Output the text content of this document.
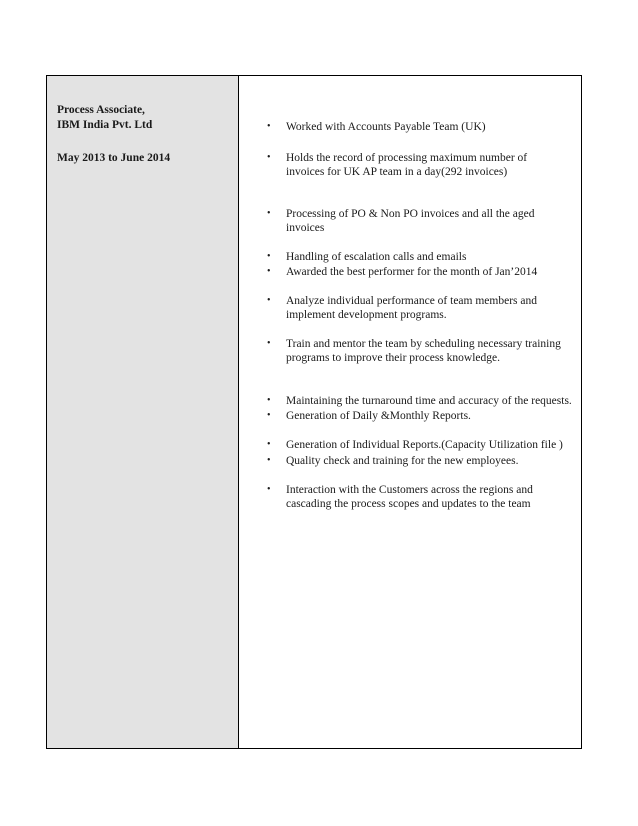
Process Associate,
IBM India Pvt. Ltd
May 2013 to June 2014
•	Worked with Accounts Payable Team (UK)
•	Holds the record of processing maximum number of invoices for UK AP team in a day(292 invoices)
•	Processing of PO & Non PO invoices and all the aged invoices
•	Handling of escalation calls and emails
•	Awarded the best performer for the month of Jan’2014
•	Analyze individual performance of team members and implement development programs.
•	Train and mentor the team by scheduling necessary training programs to improve their process knowledge.
•	Maintaining the turnaround time and accuracy of the requests.
•	Generation of Daily &Monthly Reports.
•	Generation of Individual Reports.(Capacity Utilization file )
•	Quality check and training for the new employees.
•	Interaction with the Customers across the regions and cascading the process scopes and updates to the team
